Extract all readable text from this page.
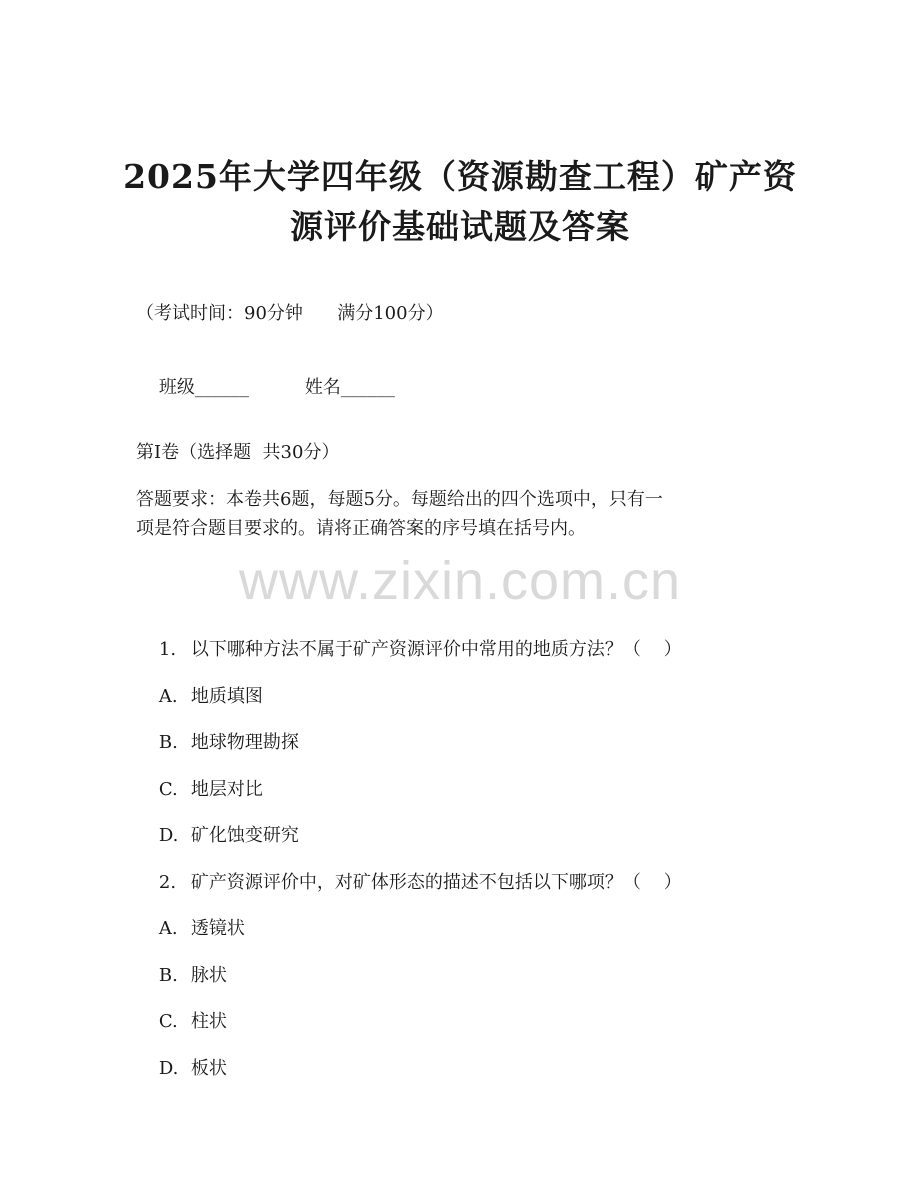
2025年大学四年级（资源勘查工程）矿产资
源评价基础试题及答案
（考试时间：90分钟      满分100分）

班级______	姓名______

第I卷（选择题  共30分）
答题要求：本卷共6题，每题5分。每题给出的四个选项中，只有一
项是符合题目要求的。请将正确答案的序号填在括号内。
www.zixin.com.cn

1. 以下哪种方法不属于矿产资源评价中常用的地质方法？（    ）

A. 地质填图

B. 地球物理勘探

C. 地层对比

D. 矿化蚀变研究

2. 矿产资源评价中，对矿体形态的描述不包括以下哪项？（    ）

A. 透镜状

B. 脉状

C. 柱状

D. 板状
